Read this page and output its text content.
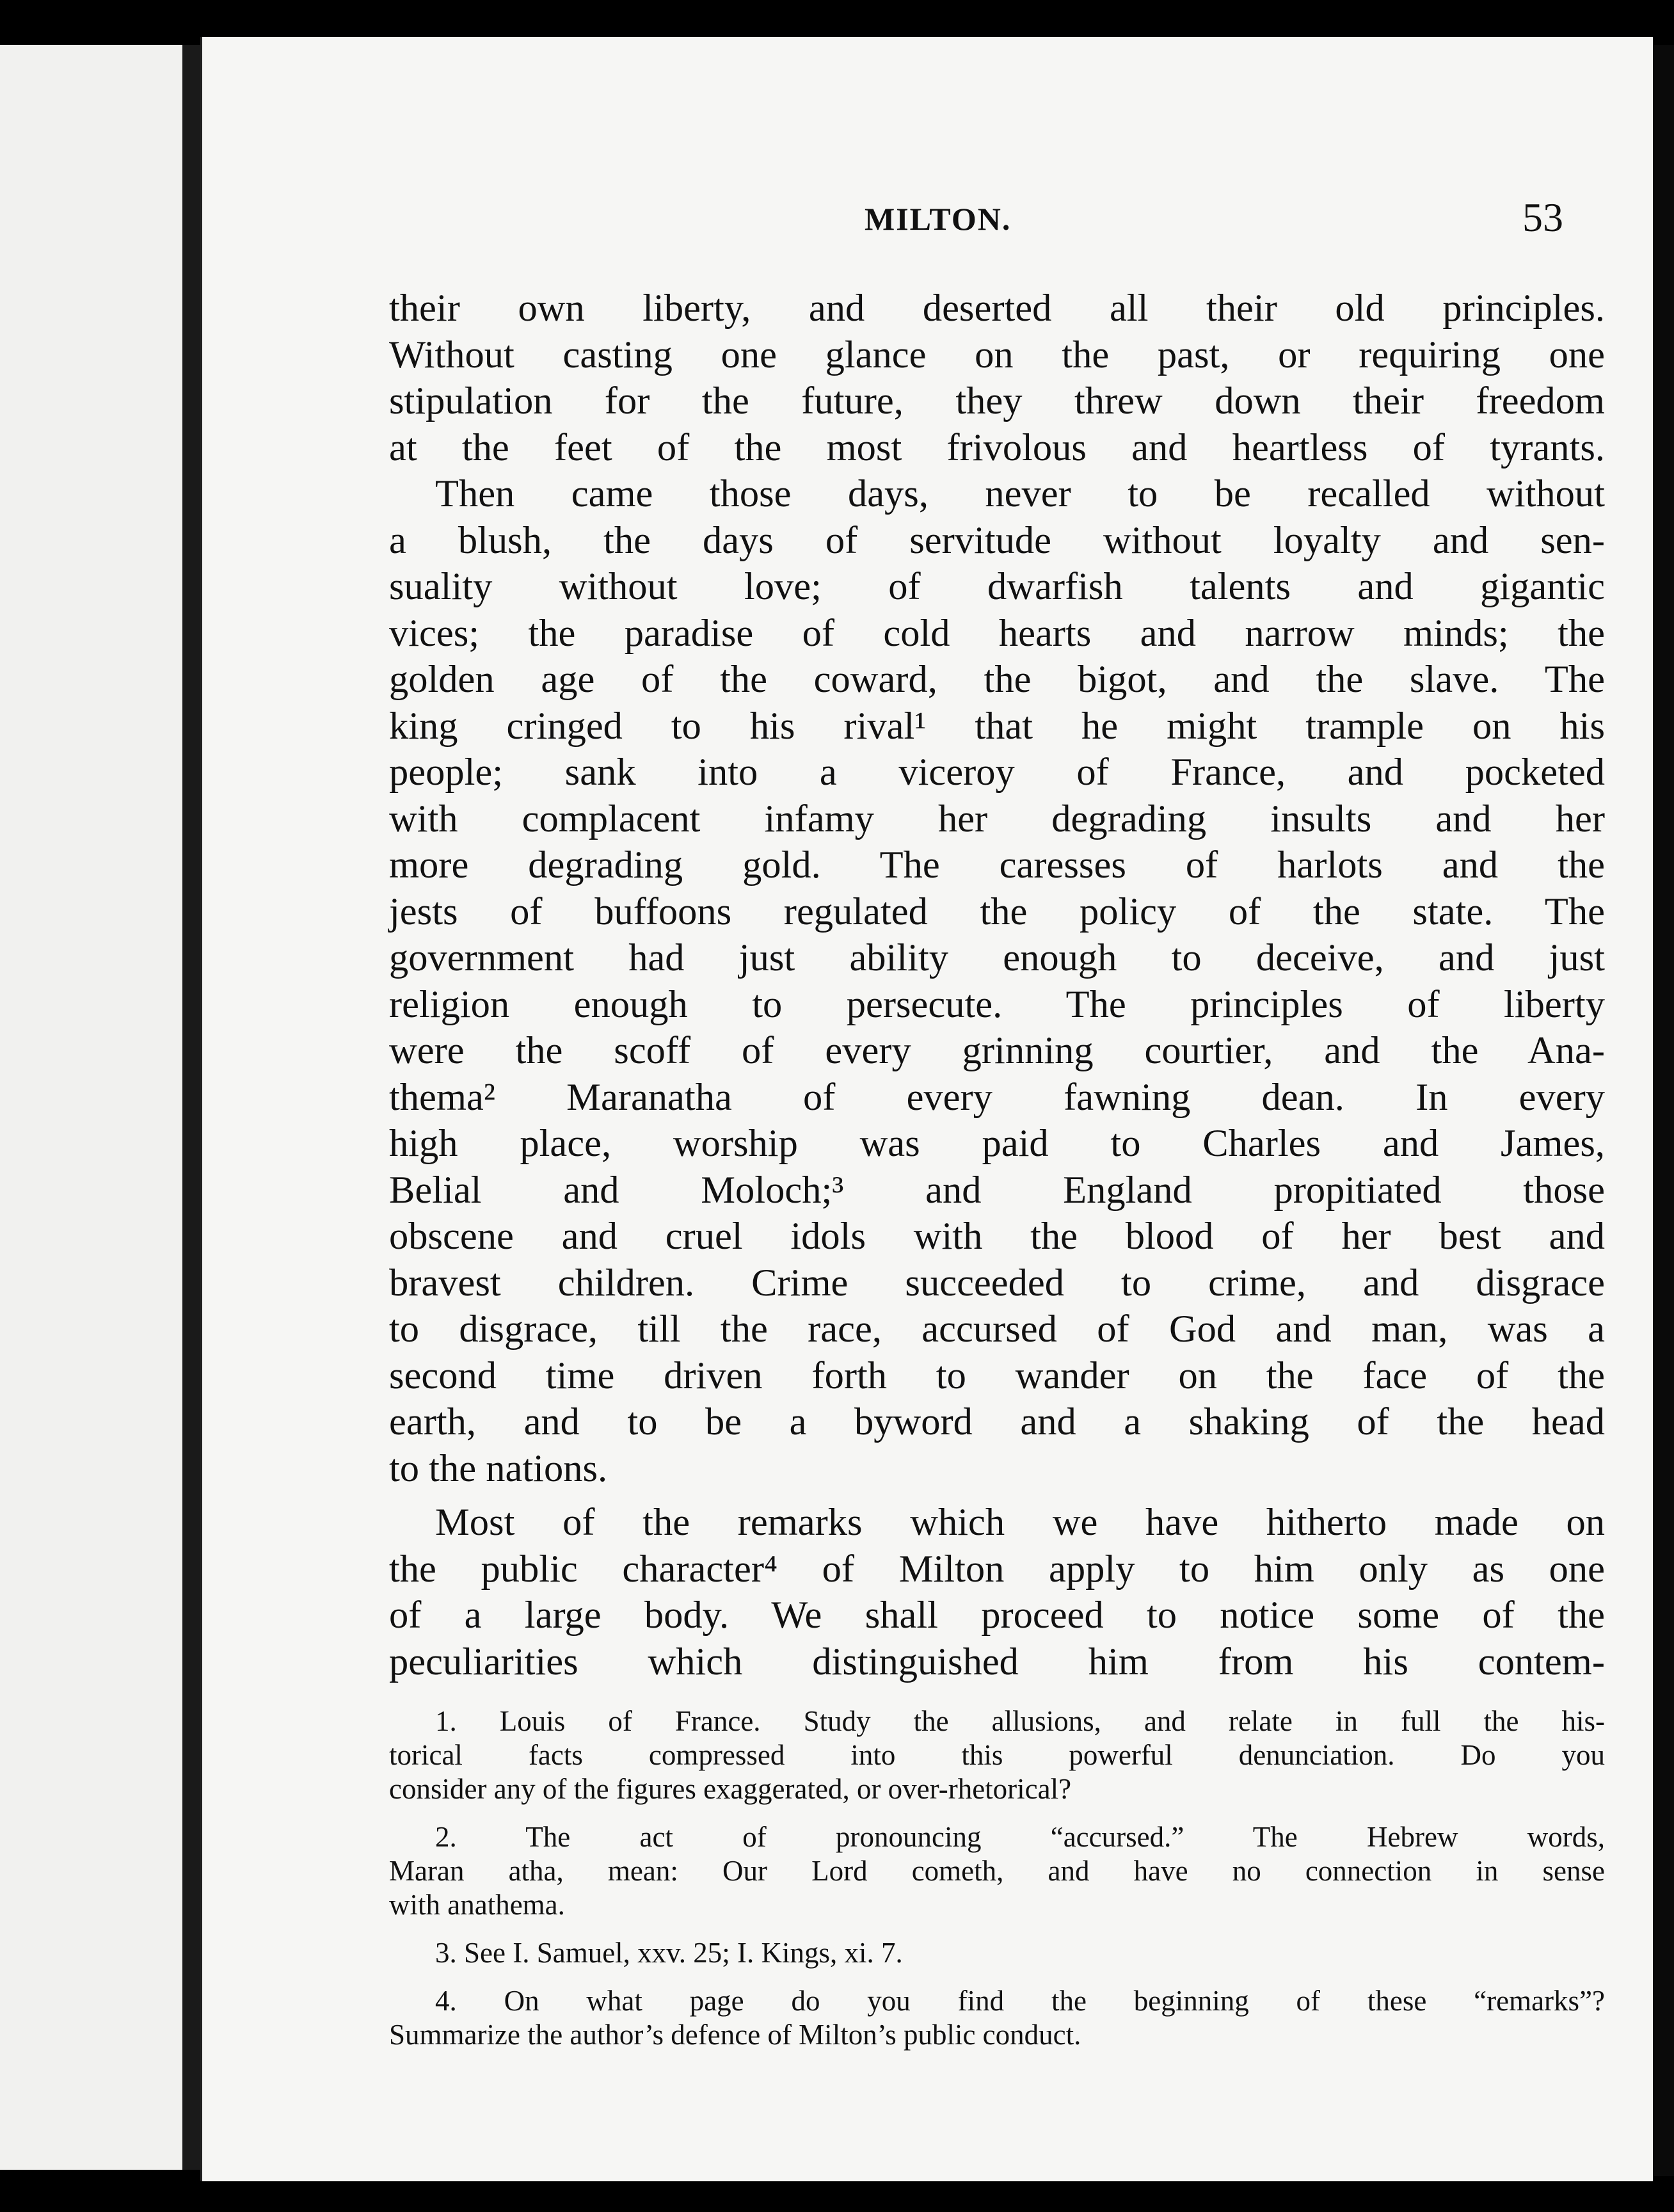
MILTON.	53
their own liberty, and deserted all their old principles.
Without casting one glance on the past, or requiring one
stipulation for the future, they threw down their freedom
at the feet of the most frivolous and heartless of tyrants.
Then came those days, never to be recalled without
a blush, the days of servitude without loyalty and sen-
suality without love; of dwarfish talents and gigantic
vices; the paradise of cold hearts and narrow minds; the
golden age of the coward, the bigot, and the slave. The
king cringed to his rival¹ that he might trample on his
people; sank into a viceroy of France, and pocketed
with complacent infamy her degrading insults and her
more degrading gold. The caresses of harlots and the
jests of buffoons regulated the policy of the state. The
government had just ability enough to deceive, and just
religion enough to persecute. The principles of liberty
were the scoff of every grinning courtier, and the Ana-
thema² Maranatha of every fawning dean. In every
high place, worship was paid to Charles and James,
Belial and Moloch;³ and England propitiated those
obscene and cruel idols with the blood of her best and
bravest children. Crime succeeded to crime, and disgrace
to disgrace, till the race, accursed of God and man, was a
second time driven forth to wander on the face of the
earth, and to be a byword and a shaking of the head
to the nations.
Most of the remarks which we have hitherto made on
the public character⁴ of Milton apply to him only as one
of a large body. We shall proceed to notice some of the
peculiarities which distinguished him from his contem-
1. Louis of France. Study the allusions, and relate in full the his-
torical facts compressed into this powerful denunciation. Do you
consider any of the figures exaggerated, or over-rhetorical?
2. The act of pronouncing “accursed.” The Hebrew words,
Maran atha, mean: Our Lord cometh, and have no connection in sense
with anathema.
3. See I. Samuel, xxv. 25; I. Kings, xi. 7.
4. On what page do you find the beginning of these “remarks”?
Summarize the author’s defence of Milton’s public conduct.
